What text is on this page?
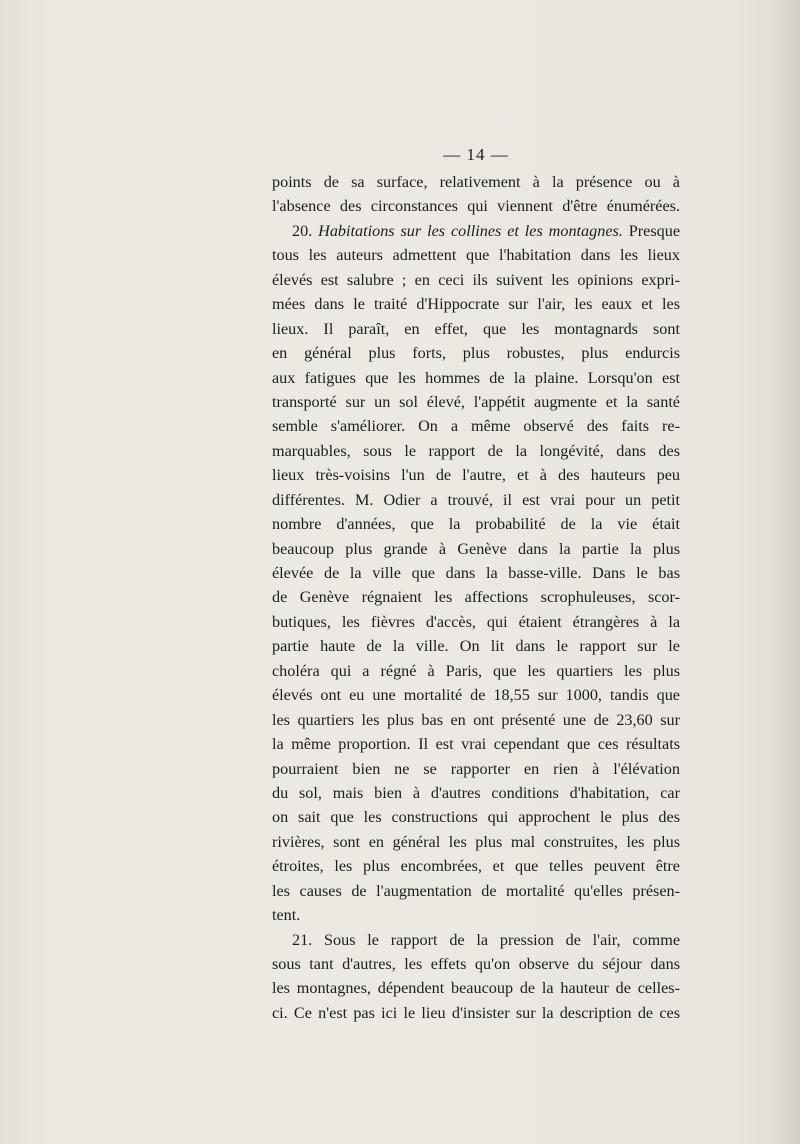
— 14 —
points de sa surface, relativement à la présence ou à
l'absence des circonstances qui viennent d'être énumérées.
20. Habitations sur les collines et les montagnes. Presque
tous les auteurs admettent que l'habitation dans les lieux
élevés est salubre ; en ceci ils suivent les opinions expri-
mées dans le traité d'Hippocrate sur l'air, les eaux et les
lieux. Il paraît, en effet, que les montagnards sont
en général plus forts, plus robustes, plus endurcis
aux fatigues que les hommes de la plaine. Lorsqu'on est
transporté sur un sol élevé, l'appétit augmente et la santé
semble s'améliorer. On a même observé des faits re-
marquables, sous le rapport de la longévité, dans des
lieux très-voisins l'un de l'autre, et à des hauteurs peu
différentes. M. Odier a trouvé, il est vrai pour un petit
nombre d'années, que la probabilité de la vie était
beaucoup plus grande à Genève dans la partie la plus
élevée de la ville que dans la basse-ville. Dans le bas
de Genève régnaient les affections scrophuleuses, scor-
butiques, les fièvres d'accès, qui étaient étrangères à la
partie haute de la ville. On lit dans le rapport sur le
choléra qui a régné à Paris, que les quartiers les plus
élevés ont eu une mortalité de 18,55 sur 1000, tandis que
les quartiers les plus bas en ont présenté une de 23,60 sur
la même proportion. Il est vrai cependant que ces résultats
pourraient bien ne se rapporter en rien à l'élévation
du sol, mais bien à d'autres conditions d'habitation, car
on sait que les constructions qui approchent le plus des
rivières, sont en général les plus mal construites, les plus
étroites, les plus encombrées, et que telles peuvent être
les causes de l'augmentation de mortalité qu'elles présen-
tent.
21. Sous le rapport de la pression de l'air, comme
sous tant d'autres, les effets qu'on observe du séjour dans
les montagnes, dépendent beaucoup de la hauteur de celles-
ci. Ce n'est pas ici le lieu d'insister sur la description de ces
